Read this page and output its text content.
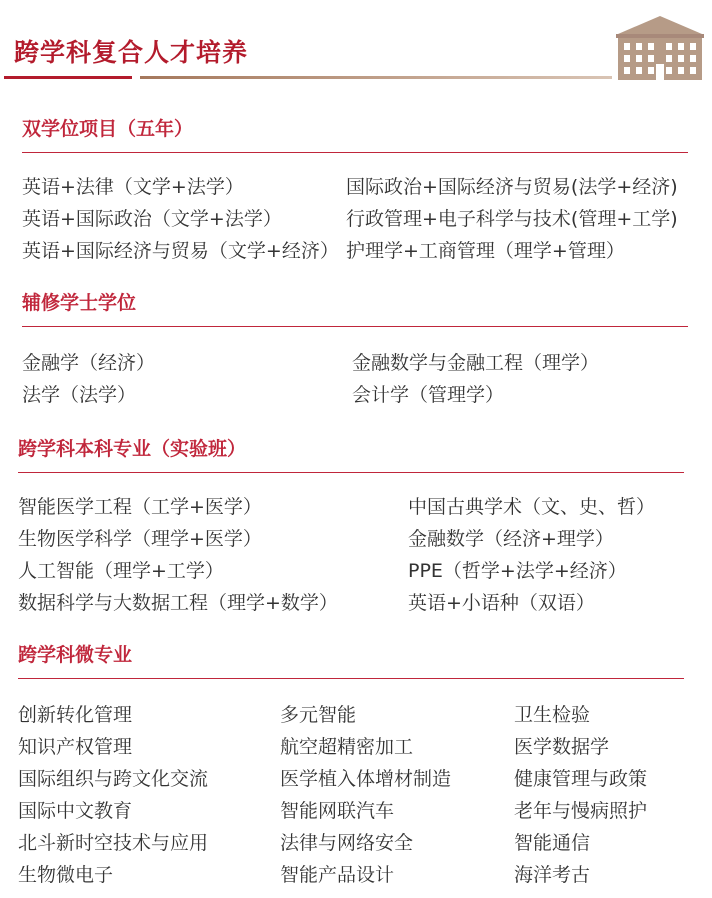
跨学科复合人才培养
双学位项目（五年）
英语+法律（文学+法学）	国际政治+国际经济与贸易(法学+经济)
英语+国际政治（文学+法学）	行政管理+电子科学与技术(管理+工学)
英语+国际经济与贸易（文学+经济） 护理学+工商管理（理学+管理）
辅修学士学位
金融学（经济）	金融数学与金融工程（理学）
法学（法学）	会计学（管理学）
跨学科本科专业（实验班）
智能医学工程（工学+医学）	中国古典学术（文、史、哲）
生物医学科学（理学+医学）	金融数学（经济+理学）
人工智能（理学+工学）	PPE（哲学+法学+经济）
数据科学与大数据工程（理学+数学）	英语+小语种（双语）
跨学科微专业
创新转化管理	多元智能	卫生检验
知识产权管理	航空超精密加工	医学数据学
国际组织与跨文化交流	医学植入体增材制造	健康管理与政策
国际中文教育	智能网联汽车	老年与慢病照护
北斗新时空技术与应用	法律与网络安全	智能通信
生物微电子	智能产品设计	海洋考古
